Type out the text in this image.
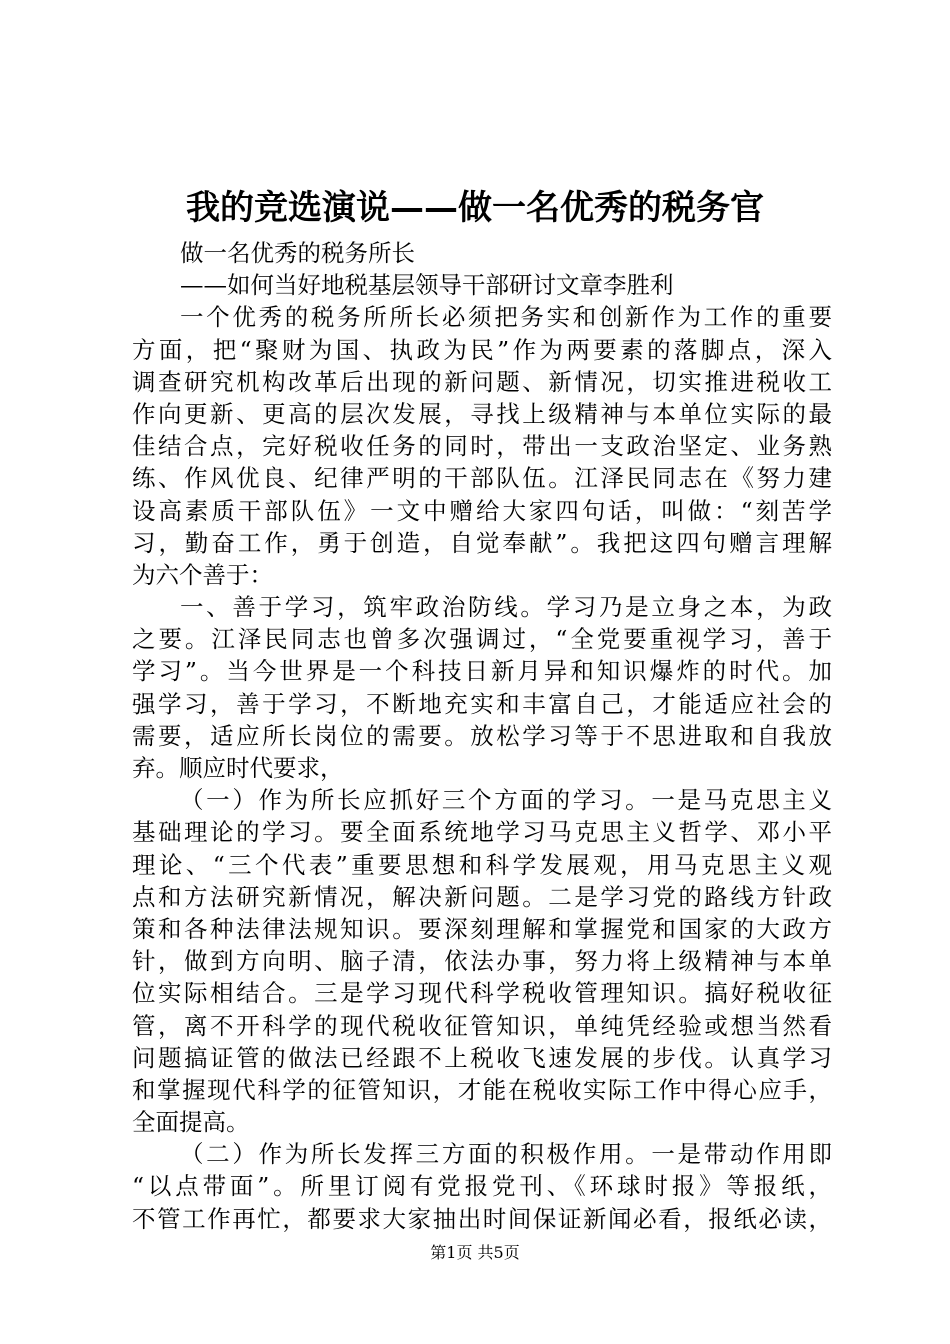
我的竞选演说——做一名优秀的税务官
做一名优秀的税务所长
——如何当好地税基层领导干部研讨文章李胜利
一个优秀的税务所所长必须把务实和创新作为工作的重要
方面，把“聚财为国、执政为民”作为两要素的落脚点，深入
调查研究机构改革后出现的新问题、新情况，切实推进税收工
作向更新、更高的层次发展，寻找上级精神与本单位实际的最
佳结合点，完好税收任务的同时，带出一支政治坚定、业务熟
练、作风优良、纪律严明的干部队伍。江泽民同志在《努力建
设高素质干部队伍》一文中赠给大家四句话，叫做：“刻苦学
习，勤奋工作，勇于创造，自觉奉献”。我把这四句赠言理解
为六个善于：
一、善于学习，筑牢政治防线。学习乃是立身之本，为政
之要。江泽民同志也曾多次强调过，“全党要重视学习，善于
学习”。当今世界是一个科技日新月异和知识爆炸的时代。加
强学习，善于学习，不断地充实和丰富自己，才能适应社会的
需要，适应所长岗位的需要。放松学习等于不思进取和自我放
弃。顺应时代要求，
（一）作为所长应抓好三个方面的学习。一是马克思主义
基础理论的学习。要全面系统地学习马克思主义哲学、邓小平
理论、“三个代表”重要思想和科学发展观，用马克思主义观
点和方法研究新情况，解决新问题。二是学习党的路线方针政
策和各种法律法规知识。要深刻理解和掌握党和国家的大政方
针，做到方向明、脑子清，依法办事，努力将上级精神与本单
位实际相结合。三是学习现代科学税收管理知识。搞好税收征
管，离不开科学的现代税收征管知识，单纯凭经验或想当然看
问题搞证管的做法已经跟不上税收飞速发展的步伐。认真学习
和掌握现代科学的征管知识，才能在税收实际工作中得心应手，
全面提高。
（二）作为所长发挥三方面的积极作用。一是带动作用即
“以点带面”。所里订阅有党报党刊、《环球时报》等报纸，
不管工作再忙，都要求大家抽出时间保证新闻必看，报纸必读，
第1页 共5页
